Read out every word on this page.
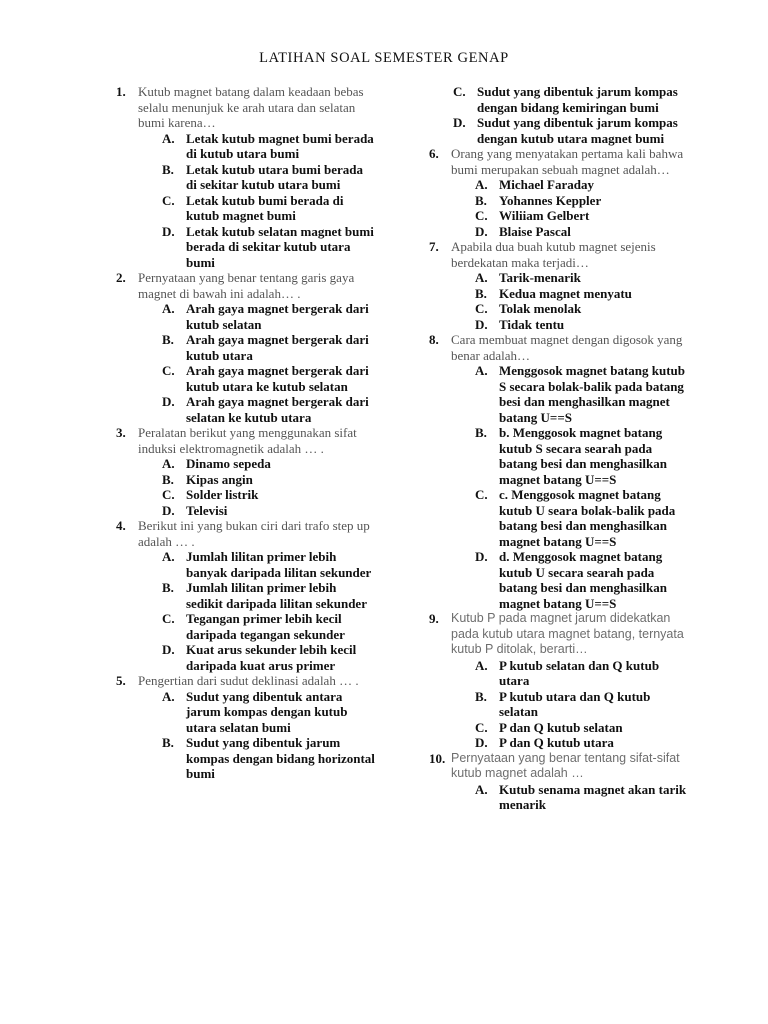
LATIHAN SOAL SEMESTER GENAP
1. Kutub magnet batang dalam keadaan bebas selalu menunjuk ke arah utara dan selatan bumi karena…
A. Letak kutub magnet bumi berada di kutub utara bumi
B. Letak kutub utara bumi berada di sekitar kutub utara bumi
C. Letak kutub bumi berada di kutub magnet bumi
D. Letak kutub selatan magnet bumi berada di sekitar kutub utara bumi
2. Pernyataan yang benar tentang garis gaya magnet di bawah ini adalah… .
A. Arah gaya magnet bergerak dari kutub selatan
B. Arah gaya magnet bergerak dari kutub utara
C. Arah gaya magnet bergerak dari kutub utara ke kutub selatan
D. Arah gaya magnet bergerak dari selatan ke kutub utara
3. Peralatan berikut yang menggunakan sifat induksi elektromagnetik adalah … .
A. Dinamo sepeda
B. Kipas angin
C. Solder listrik
D. Televisi
4. Berikut ini yang bukan ciri dari trafo step up adalah … .
A. Jumlah lilitan primer lebih banyak daripada lilitan sekunder
B. Jumlah lilitan primer lebih sedikit daripada lilitan sekunder
C. Tegangan primer lebih kecil daripada tegangan sekunder
D. Kuat arus sekunder lebih kecil daripada kuat arus primer
5. Pengertian dari sudut deklinasi adalah … .
A. Sudut yang dibentuk antara jarum kompas dengan kutub utara selatan bumi
B. Sudut yang dibentuk jarum kompas dengan bidang horizontal bumi
C. Sudut yang dibentuk jarum kompas dengan bidang kemiringan bumi
D. Sudut yang dibentuk jarum kompas dengan kutub utara magnet bumi
6. Orang yang menyatakan pertama kali bahwa bumi merupakan sebuah magnet adalah…
A. Michael Faraday
B. Yohannes Keppler
C. Wiliiam Gelbert
D. Blaise Pascal
7. Apabila dua buah kutub magnet sejenis berdekatan maka terjadi…
A. Tarik-menarik
B. Kedua magnet menyatu
C. Tolak menolak
D. Tidak tentu
8. Cara membuat magnet dengan digosok yang benar adalah…
A. Menggosok magnet batang kutub S secara bolak-balik pada batang besi dan menghasilkan magnet batang U==S
B. b. Menggosok magnet batang kutub S secara searah pada batang besi dan menghasilkan magnet batang U==S
C. c. Menggosok magnet batang kutub U seara bolak-balik pada batang besi dan menghasilkan magnet batang U==S
D. d. Menggosok magnet batang kutub U secara searah pada batang besi dan menghasilkan magnet batang U==S
9. Kutub P pada magnet jarum didekatkan pada kutub utara magnet batang, ternyata kutub P ditolak, berarti…
A. P kutub selatan dan Q kutub utara
B. P kutub utara dan Q kutub selatan
C. P dan Q kutub selatan
D. P dan Q kutub utara
10. Pernyataan yang benar tentang sifat-sifat kutub magnet adalah …
A. Kutub senama magnet akan tarik menarik
